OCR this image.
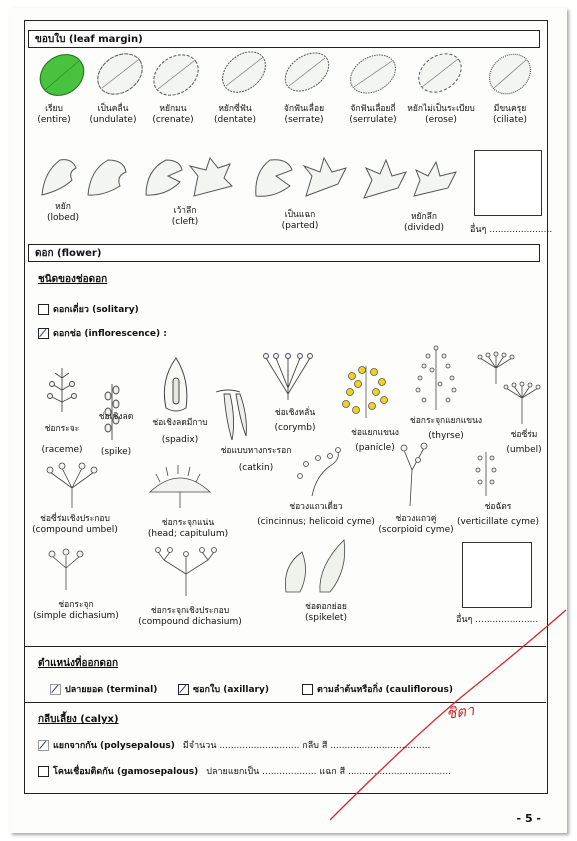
ขอบใบ (leaf margin)
เรียบ
(entire)
เป็นคลื่น
(undulate)
หยักมน
(crenate)
หยักซี่ฟัน
(dentate)
จักฟันเลื่อย
(serrate)
จักฟันเลื่อยถี่
(serrulate)
หยักไม่เป็นระเบียบ
(erose)
มีขนครุย
(ciliate)
หยัก
(lobed)
เว้าลึก
(cleft)
เป็นแฉก
(parted)
หยักลึก
(divided)	อื่นๆ ......................
ดอก (flower)
ชนิดของช่อดอก
ดอกเดี่ยว (solitary)
ดอกช่อ (inflorescence) :
ช่อกระจะ
(raceme)
ช่อเชิงลด
(spike)
ช่อเชิงลดมีกาบ
(spadix)
ช่อแบบหางกระรอก
(catkin)
ช่อเชิงหลั่น
(corymb)	ช่อแยกแขนง
(panicle)
ช่อกระจุกแยกแขนง
(thyrse)	ช่อซี่ร่ม
(umbel)
ช่อซี่ร่มเชิงประกอบ
(compound umbel)
ช่อกระจุกแน่น
(head; capitulum)
ช่อวงแถวเดี่ยว
(cincinnus; helicoid cyme)	ช่อวงแถวคู่
(scorpioid cyme)
ช่อฉัตร
(verticillate cyme)
ช่อกระจุก
(simple dichasium)	ช่อกระจุกเชิงประกอบ
(compound dichasium)
ช่อดอกย่อย
(spikelet)	อื่นๆ ......................
ตำแหน่งที่ออกดอก
ปลายยอด (terminal)	ซอกใบ (axillary)	ตามลำต้นหรือกิ่ง (cauliflorous)
กลีบเลี้ยง (calyx)
แยกจากกัน (polysepalous) มีจำนวน ............................ กลีบ สี ...................................
โคนเชื่อมติดกัน (gamosepalous) ปลายแยกเป็น ................... แฉก สี ....................................
ชิตา
- 5 -
